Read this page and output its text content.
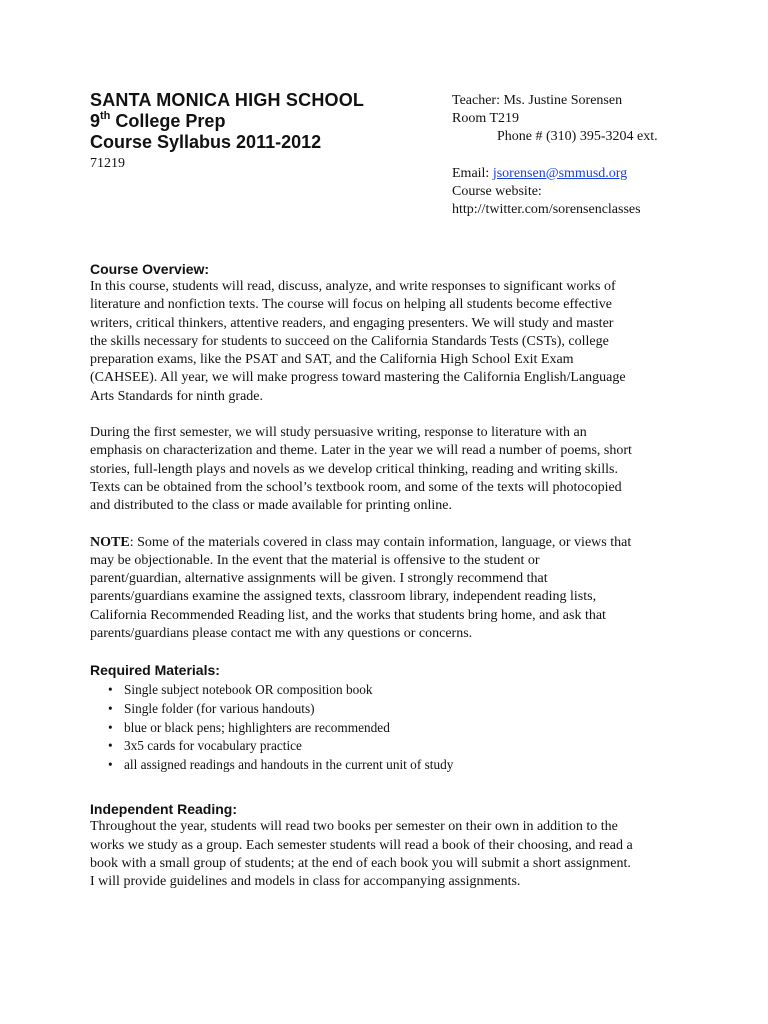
SANTA MONICA HIGH SCHOOL
9th College Prep
Course Syllabus 2011-2012
71219
Teacher: Ms. Justine Sorensen
Room T219
Phone # (310) 395-3204 ext.
Email: jsorensen@smmusd.org
Course website:
http://twitter.com/sorensenclasses
Course Overview:
In this course, students will read, discuss, analyze, and write responses to significant works of
literature and nonfiction texts. The course will focus on helping all students become effective
writers, critical thinkers, attentive readers, and engaging presenters. We will study and master
the skills necessary for students to succeed on the California Standards Tests (CSTs), college
preparation exams, like the PSAT and SAT, and the California High School Exit Exam
(CAHSEE). All year, we will make progress toward mastering the California English/Language
Arts Standards for ninth grade.
During the first semester, we will study persuasive writing, response to literature with an
emphasis on characterization and theme. Later in the year we will read a number of poems, short
stories, full-length plays and novels as we develop critical thinking, reading and writing skills.
Texts can be obtained from the school’s textbook room, and some of the texts will photocopied
and distributed to the class or made available for printing online.
NOTE: Some of the materials covered in class may contain information, language, or views that
may be objectionable. In the event that the material is offensive to the student or
parent/guardian, alternative assignments will be given. I strongly recommend that
parents/guardians examine the assigned texts, classroom library, independent reading lists,
California Recommended Reading list, and the works that students bring home, and ask that
parents/guardians please contact me with any questions or concerns.
Required Materials:
• Single subject notebook OR composition book
• Single folder (for various handouts)
• blue or black pens; highlighters are recommended
• 3x5 cards for vocabulary practice
• all assigned readings and handouts in the current unit of study
Independent Reading:
Throughout the year, students will read two books per semester on their own in addition to the
works we study as a group. Each semester students will read a book of their choosing, and read a
book with a small group of students; at the end of each book you will submit a short assignment.
I will provide guidelines and models in class for accompanying assignments.
